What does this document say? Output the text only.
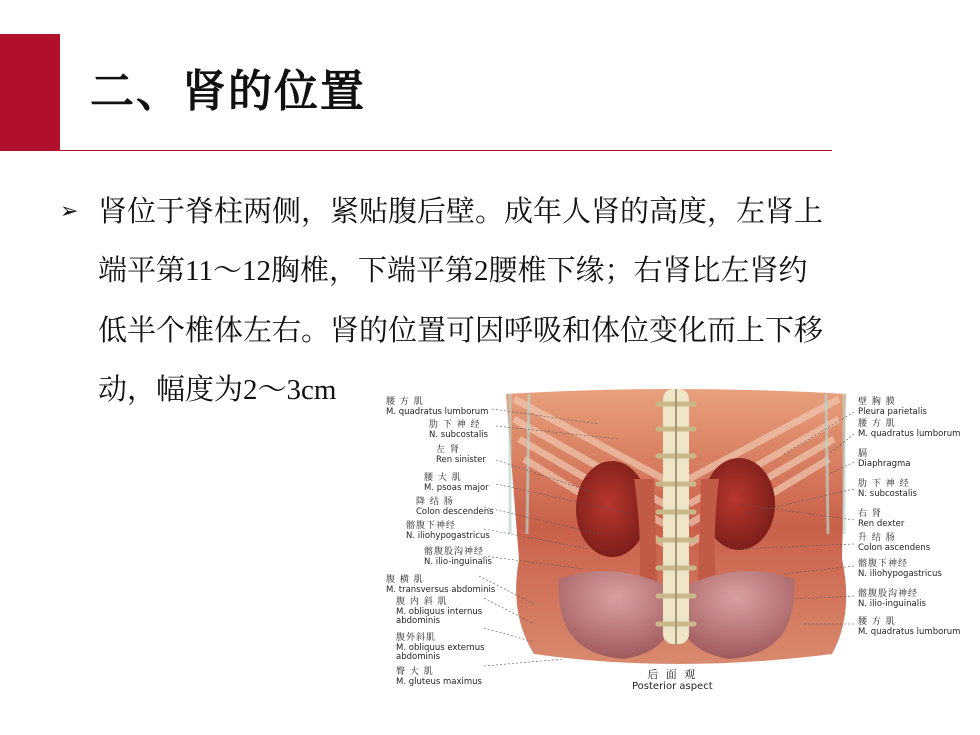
二、肾的位置
➢ 肾位于脊柱两侧，紧贴腹后壁。成年人肾的高度，左肾上
端平第11～12胸椎，下端平第2腰椎下缘；右肾比左肾约
低半个椎体左右。肾的位置可因呼吸和体位变化而上下移
动，幅度为2～3cm	腰 方 肌
M. quadratus lumborum
肋 下 神 经
N. subcostalis
左 肾
Ren sinister
腰 大 肌
M. psoas major
降 结 肠
Colon descendens
髂腹下神经
N. iliohypogastricus
髂腹股沟神经
N. ilio-inguinalis
腹 横 肌
M. transversus abdominis
腹 内 斜 肌
M. obliquus internus
abdominis
腹外斜肌
M. obliquus externus
abdominis
臀 大 肌
M. gluteus maximus
壁 胸 膜
Pleura parietalis
腰 方 肌
M. quadratus lumborum
膈
Diaphragma
肋 下 神 经
N. subcostalis
右 肾
Ren dexter
升 结 肠
Colon ascendens
髂腹下神经
N. iliohypogastricus
髂腹股沟神经
N. ilio-inguinalis
腰 方 肌
M. quadratus lumborum
后 面 观
Posterior aspect
